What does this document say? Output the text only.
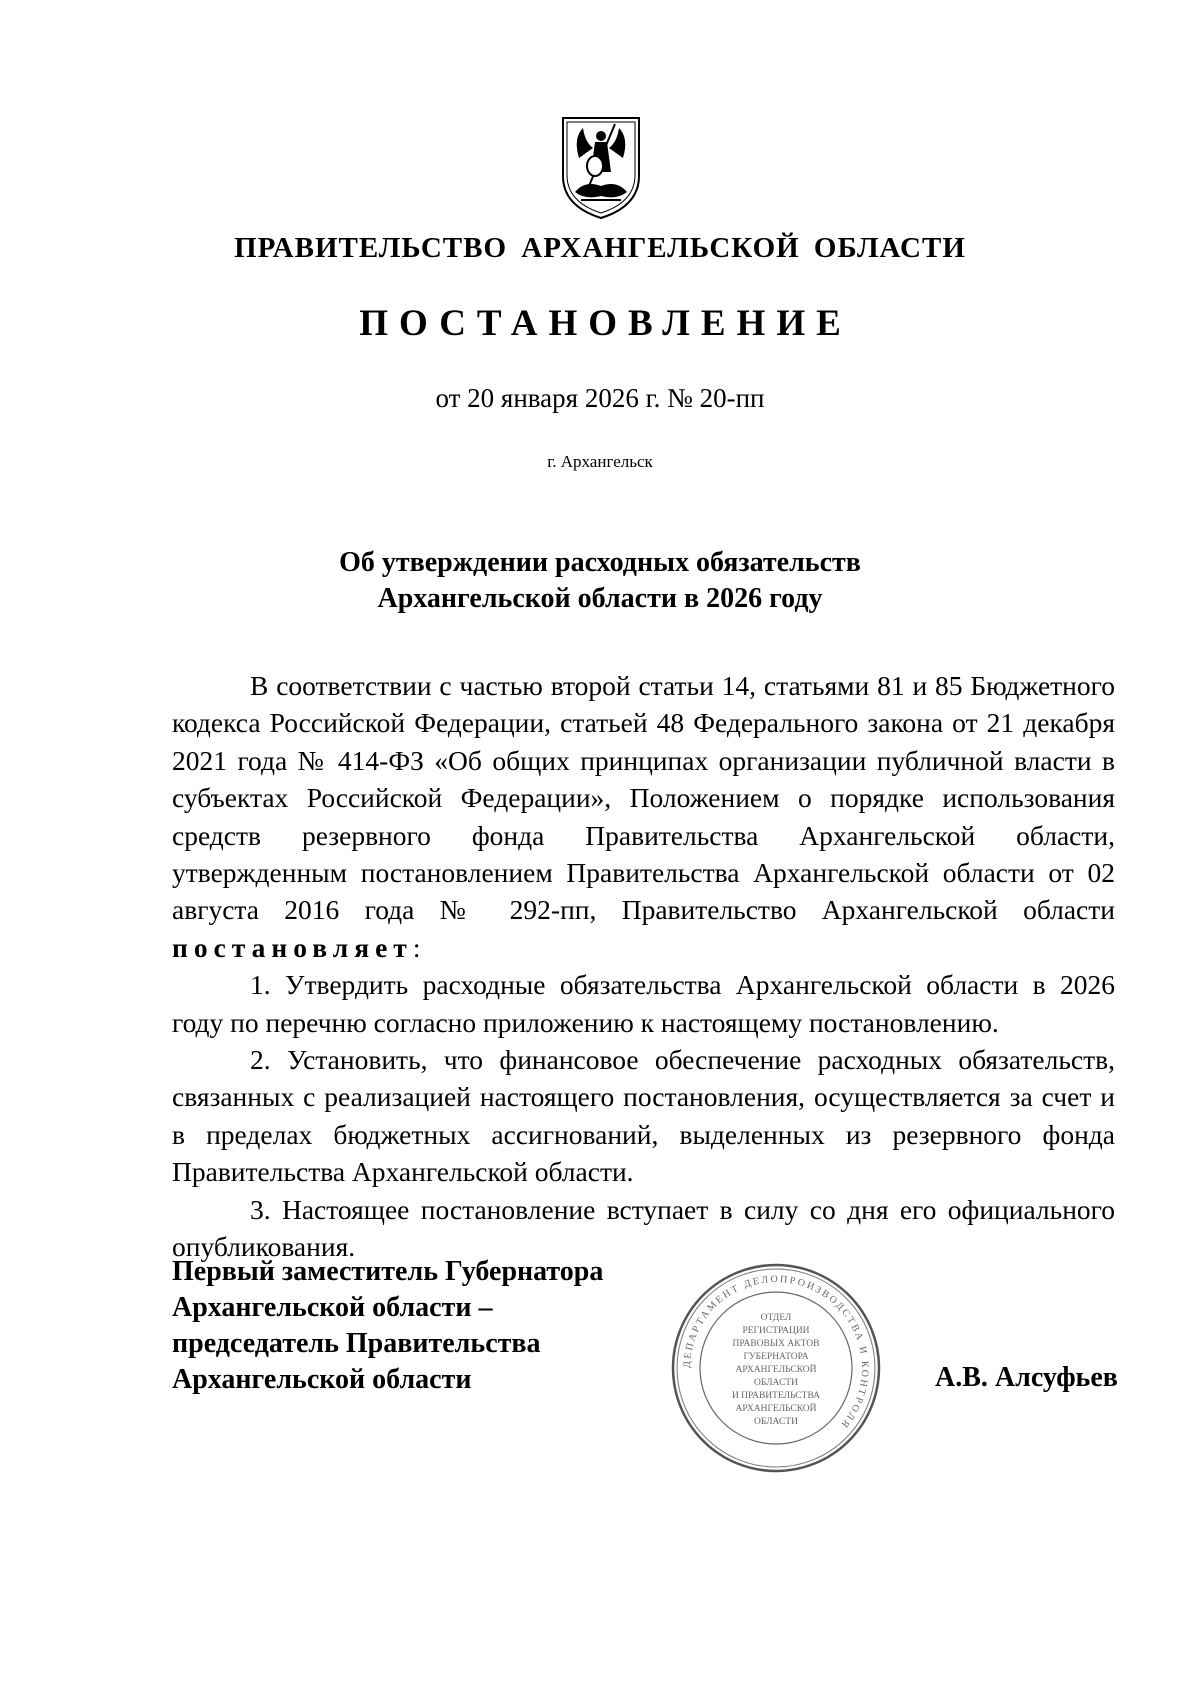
ПРАВИТЕЛЬСТВО АРХАНГЕЛЬСКОЙ ОБЛАСТИ
ПОСТАНОВЛЕНИЕ
от 20 января 2026 г. № 20-пп
г. Архангельск
Об утверждении расходных обязательств
Архангельской области в 2026 году

В соответствии с частью второй статьи 14, статьями 81 и 85 Бюджетного кодекса Российской Федерации, статьей 48 Федерального закона от 21 декабря 2021 года № 414-ФЗ «Об общих принципах организации публичной власти в субъектах Российской Федерации», Положением о порядке использования средств резервного фонда Правительства Архангельской области, утвержденным постановлением Правительства Архангельской области от 02 августа 2016 года № 292-пп, Правительство Архангельской области постановляет:

1. Утвердить расходные обязательства Архангельской области в 2026 году по перечню согласно приложению к настоящему постановлению.

2. Установить, что финансовое обеспечение расходных обязательств, связанных с реализацией настоящего постановления, осуществляется за счет и в пределах бюджетных ассигнований, выделенных из резервного фонда Правительства Архангельской области.

3. Настоящее постановление вступает в силу со дня его официального опубликования.

Первый заместитель Губернатора
Архангельской области –
председатель Правительства
Архангельской области
ДЕПАРТАМЕНТ ДЕЛОПРОИЗВОДСТВА И КОНТРОЛЯ
ОТДЕЛ
РЕГИСТРАЦИИ
ПРАВОВЫХ АКТОВ
ГУБЕРНАТОРА
АРХАНГЕЛЬСКОЙ
ОБЛАСТИ
И ПРАВИТЕЛЬСТВА
АРХАНГЕЛЬСКОЙ
ОБЛАСТИ
А.В. Алсуфьев
